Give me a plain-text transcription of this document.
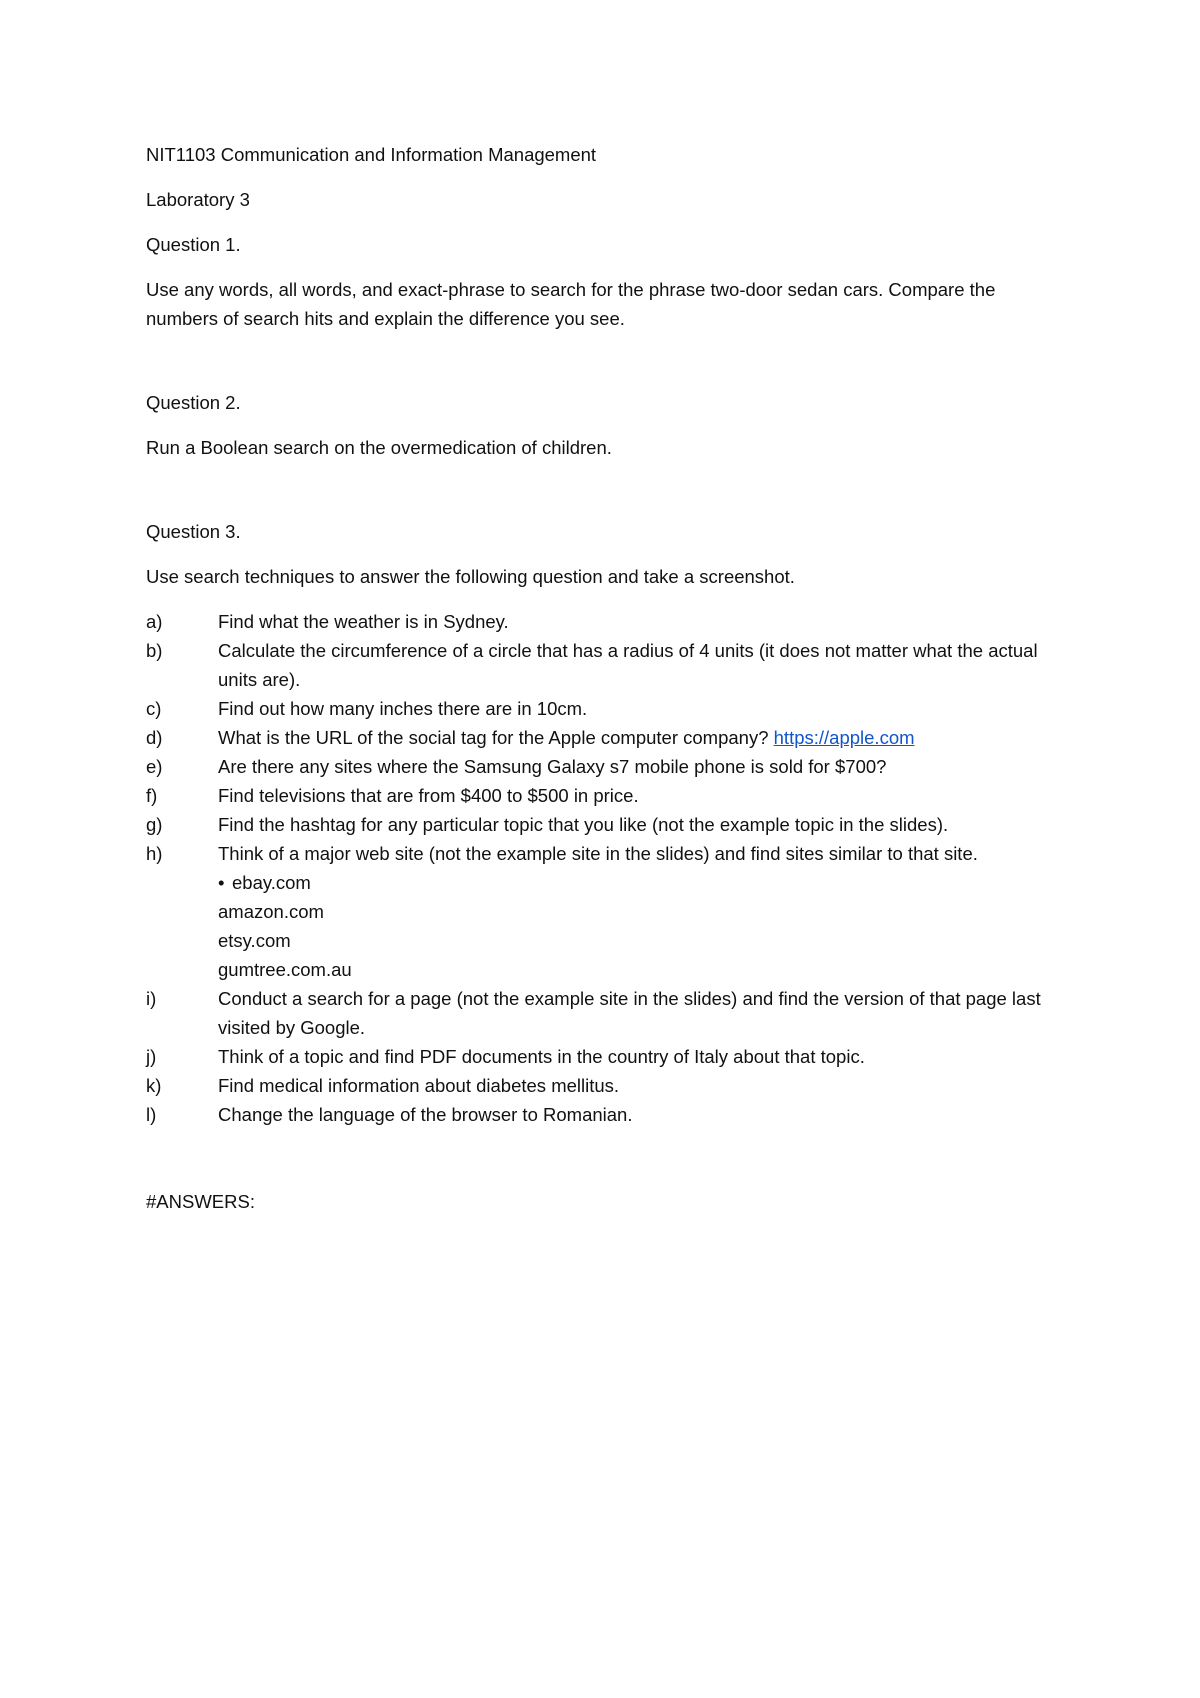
NIT1103 Communication and Information Management

Laboratory 3

Question 1.

Use any words, all words, and exact-phrase to search for the phrase two-door sedan cars. Compare the numbers of search hits and explain the difference you see.

Question 2.

Run a Boolean search on the overmedication of children.

Question 3.

Use search techniques to answer the following question and take a screenshot.

a)	Find what the weather is in Sydney.
b)	Calculate the circumference of a circle that has a radius of 4 units (it does not matter what the actual units are).
c)	Find out how many inches there are in 10cm.
d)	What is the URL of the social tag for the Apple computer company? https://apple.com
e)	Are there any sites where the Samsung Galaxy s7 mobile phone is sold for $700?
f)	Find televisions that are from $400 to $500 in price.
g)	Find the hashtag for any particular topic that you like (not the example topic in the slides).
h)	Think of a major web site (not the example site in the slides) and find sites similar to that site.
• ebay.com
amazon.com
etsy.com
gumtree.com.au
i)	Conduct a search for a page (not the example site in the slides) and find the version of that page last visited by Google.
j)	Think of a topic and find PDF documents in the country of Italy about that topic.
k)	Find medical information about diabetes mellitus.
l)	Change the language of the browser to Romanian.

#ANSWERS:
